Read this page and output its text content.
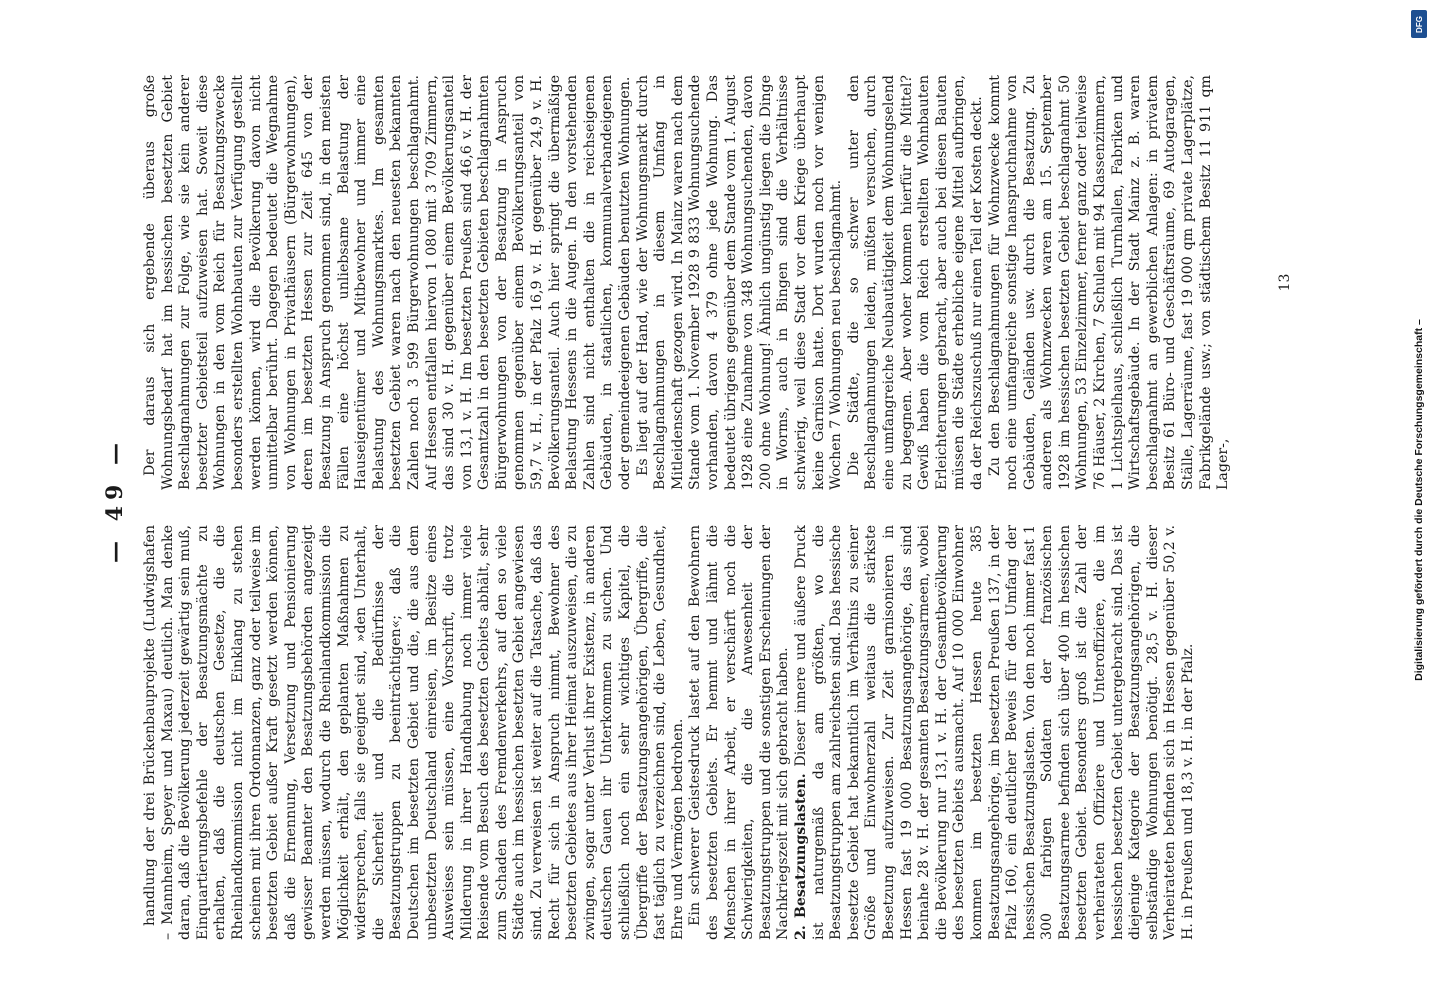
— 49 —

handlung der drei Brückenbauprojekte (Ludwigshafen – Mannheim, Speyer und Maxau) deutlich. Man denke daran, daß die Bevölkerung jederzeit gewärtig sein muß, Einquartierungsbefehle der Besatzungsmächte zu erhalten, daß die deutschen Gesetze, die die Rheinlandkommission nicht im Einklang zu stehen scheinen mit ihren Ordonnanzen, ganz oder teilweise im besetzten Gebiet außer Kraft gesetzt werden können, daß die Ernennung, Versetzung und Pensionierung gewisser Beamter den Besatzungsbehörden angezeigt werden müssen, wodurch die Rheinlandkommission die Möglichkeit erhält, den geplanten Maßnahmen zu widersprechen, falls sie geeignet sind, »den Unterhalt, die Sicherheit und die Bedürfnisse der Besatzungstruppen zu beeinträchtigen«; daß die Deutschen im besetzten Gebiet und die, die aus dem unbesetzten Deutschland einreisen, im Besitze eines Ausweises sein müssen, eine Vorschrift, die trotz Milderung in ihrer Handhabung noch immer viele Reisende vom Besuch des besetzten Gebiets abhält, sehr zum Schaden des Fremdenverkehrs, auf den so viele Städte auch im hessischen besetzten Gebiet angewiesen sind. Zu verweisen ist weiter auf die Tatsache, daß das Recht für sich in Anspruch nimmt, Bewohner des besetzten Gebietes aus ihrer Heimat auszuweisen, die zu zwingen, sogar unter Verlust ihrer Existenz, in anderen deutschen Gauen ihr Unterkommen zu suchen. Und schließlich noch ein sehr wichtiges Kapitel, die Übergriffe der Besatzungsangehörigen, Übergriffe, die fast täglich zu verzeichnen sind, die Leben, Gesundheit, Ehre und Vermögen bedrohen. Ein schwerer Geistesdruck lastet auf den Bewohnern des besetzten Gebiets. Er hemmt und lähmt die Menschen in ihrer Arbeit, er verschärft noch die Schwierigkeiten, die die Anwesenheit der Besatzungstruppen und die sonstigen Erscheinungen der Nachkriegszeit mit sich gebracht haben. 2. Besatzungslasten. Dieser innere und äußere Druck ist naturgemäß da am größten, wo die Besatzungstruppen am zahlreichsten sind. Das hessische besetzte Gebiet hat bekanntlich im Verhältnis zu seiner Größe und Einwohnerzahl weitaus die stärkste Besetzung aufzuweisen. Zur Zeit garnisonieren in Hessen fast 19 000 Besatzungsangehörige, das sind beinahe 28 v. H. der gesamten Besatzungsarmeen, wobei die Bevölkerung nur 13,1 v. H. der Gesamtbevölkerung des besetzten Gebiets ausmacht. Auf 10 000 Einwohner kommen im besetzten Hessen heute 385 Besatzungsangehörige, im besetzten Preußen 137, in der Pfalz 160, ein deutlicher Beweis für den Umfang der hessischen Besatzungslasten. Von den noch immer fast 1 300 farbigen Soldaten der französischen Besatzungsarmee befinden sich über 400 im hessischen besetzten Gebiet. Besonders groß ist die Zahl der verheirateten Offiziere und Unteroffiziere, die im hessischen besetzten Gebiet untergebracht sind. Das ist diejenige Kategorie der Besatzungsangehörigen, die selbständige Wohnungen benötigt. 28,5 v. H. dieser Verheirateten befinden sich in Hessen gegenüber 50,2 v. H. in Preußen und 18,3 v. H. in der Pfalz.

Der daraus sich ergebende überaus große Wohnungsbedarf hat im hessischen besetzten Gebiet Beschlagnahmungen zur Folge, wie sie kein anderer besetzter Gebietsteil aufzuweisen hat. Soweit diese Wohnungen in den vom Reich für Besatzungszwecke besonders erstellten Wohnbauten zur Verfügung gestellt werden können, wird die Bevölkerung davon nicht unmittelbar berührt. Dagegen bedeutet die Wegnahme von Wohnungen in Privathäusern (Bürgerwohnungen), deren im besetzten Hessen zur Zeit 645 von der Besatzung in Anspruch genommen sind, in den meisten Fällen eine höchst unliebsame Belastung der Hauseigentümer und Mitbewohner und immer eine Belastung des Wohnungsmarktes. Im gesamten besetzten Gebiet waren nach den neuesten bekannten Zahlen noch 3 599 Bürgerwohnungen beschlagnahmt. Auf Hessen entfallen hiervon 1 080 mit 3 709 Zimmern, das sind 30 v. H. gegenüber einem Bevölkerungsanteil von 13,1 v. H. Im besetzten Preußen sind 46,6 v. H. der Gesamtzahl in den besetzten Gebieten beschlagnahmten Bürgerwohnungen von der Besatzung in Anspruch genommen gegenüber einem Bevölkerungsanteil von 59,7 v. H., in der Pfalz 16,9 v. H. gegenüber 24,9 v. H. Bevölkerungsanteil. Auch hier springt die übermäßige Belastung Hessens in die Augen. In den vorstehenden Zahlen sind nicht enthalten die in reichseigenen Gebäuden, in staatlichen, kommunalverbandeigenen oder gemeindeeigenen Gebäuden benutzten Wohnungen. Es liegt auf der Hand, wie der Wohnungsmarkt durch Beschlagnahmungen in diesem Umfang in Mitleidenschaft gezogen wird. In Mainz waren nach dem Stande vom 1. November 1928 9 833 Wohnungsuchende vorhanden, davon 4 379 ohne jede Wohnung. Das bedeutet übrigens gegenüber dem Stande vom 1. August 1928 eine Zunahme von 348 Wohnungsuchenden, davon 200 ohne Wohnung! Ähnlich ungünstig liegen die Dinge in Worms, auch in Bingen sind die Verhältnisse schwierig, weil diese Stadt vor dem Kriege überhaupt keine Garnison hatte. Dort wurden noch vor wenigen Wochen 7 Wohnungen neu beschlagnahmt. Die Städte, die so schwer unter den Beschlagnahmungen leiden, müßten versuchen, durch eine umfangreiche Neubautätigkeit dem Wohnungselend zu begegnen. Aber woher kommen hierfür die Mittel? Gewiß haben die vom Reich erstellten Wohnbauten Erleichterungen gebracht, aber auch bei diesen Bauten müssen die Städte erhebliche eigene Mittel aufbringen, da der Reichszuschuß nur einen Teil der Kosten deckt. Zu den Beschlagnahmungen für Wohnzwecke kommt noch eine umfangreiche sonstige Inanspruchnahme von Gebäuden, Geländen usw. durch die Besatzung. Zu anderen als Wohnzwecken waren am 15. September 1928 im hessischen besetzten Gebiet beschlagnahmt 50 Wohnungen, 53 Einzelzimmer, ferner ganz oder teilweise 76 Häuser, 2 Kirchen, 7 Schulen mit 94 Klassenzimmern, 1 Lichtspielhaus, schließlich Turnhallen, Fabriken und Wirtschaftsgebäude. In der Stadt Mainz z. B. waren beschlagnahmt an gewerblichen Anlagen: in privatem Besitz 61 Büro- und Geschäftsräume, 69 Autogaragen, Ställe, Lagerräume, fast 19 000 qm private Lagerplätze, Fabrikgelände usw.; von städtischem Besitz 11 911 qm Lager-,

13
DFG
Digitalisierung gefördert durch die Deutsche Forschungsgemeinschaft –
